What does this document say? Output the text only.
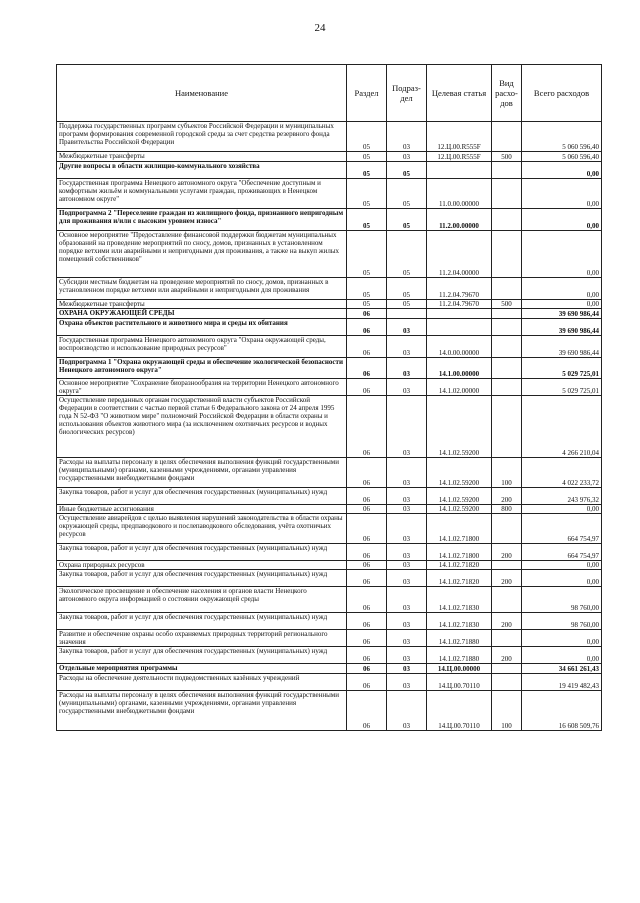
24
Наименование	Раздел	Подраз-дел	Целевая статья	Вид расхо-дов	Всего расходов
Поддержка государственных программ субъектов Российской Федерации и муниципальных программ формирования современной городской среды за счет средства резервного фонда Правительства Российской Федерации	05	03	12.Ц.00.R555F		5 060 596,40
Межбюджетные трансферты	05	03	12.Ц.00.R555F	500	5 060 596,40
Другие вопросы в области жилищно-коммунального хозяйства	05	05			0,00
Государственная программа Ненецкого автономного округа "Обеспечение доступным и комфортным жильём и коммунальными услугами граждан, проживающих в Ненецком автономном округе"	05	05	11.0.00.00000		0,00
Подпрограмма 2 "Переселение граждан из жилищного фонда, признанного непригодным для проживания и/или с высоким уровнем износа"	05	05	11.2.00.00000		0,00
Основное мероприятие "Предоставление финансовой поддержки бюджетам муниципальных образований на проведение мероприятий по сносу, домов, признанных в установленном порядке ветхими или аварийными и непригодными для проживания, а также на выкуп жилых помещений собственников"	05	05	11.2.04.00000		0,00
Субсидии местным бюджетам на проведение мероприятий по сносу, домов, признанных в установленном порядке ветхими или аварийными и непригодными для проживания	05	05	11.2.04.79670		0,00
Межбюджетные трансферты	05	05	11.2.04.79670	500	0,00
ОХРАНА ОКРУЖАЮЩЕЙ СРЕДЫ	06				39 690 986,44
Охрана объектов растительного и животного мира и среды их обитания	06	03			39 690 986,44
Государственная программа Ненецкого автономного округа "Охрана окружающей среды, воспроизводство и использование природных ресурсов"	06	03	14.0.00.00000		39 690 986,44
Подпрограмма 1 "Охрана окружающей среды и обеспечение экологической безопасности Ненецкого автономного округа"	06	03	14.1.00.00000		5 029 725,01
Основное мероприятие "Сохранение биоразнообразия на территории Ненецкого автономного округа"	06	03	14.1.02.00000		5 029 725,01
Осуществление переданных органам государственной власти субъектов Российской Федерации в соответствии с частью первой статьи 6 Федерального закона от 24 апреля 1995 года N 52-ФЗ "О животном мире" полномочий Российской Федерации в области охраны и использования объектов животного мира (за исключением охотничьих ресурсов и водных биологических ресурсов)	06	03	14.1.02.59200		4 266 210,04
Расходы на выплаты персоналу в целях обеспечения выполнения функций государственными (муниципальными) органами, казенными учреждениями, органами управления государственными внебюджетными фондами	06	03	14.1.02.59200	100	4 022 233,72
Закупка товаров, работ и услуг для обеспечения государственных (муниципальных) нужд	06	03	14.1.02.59200	200	243 976,32
Иные бюджетные ассигнования	06	03	14.1.02.59200	800	0,00
Осуществление авиарейдов с целью выявления нарушений законодательства в области охраны окружающей среды, предпаводкового и послепаводкового обследования, учёта охотничьих ресурсов	06	03	14.1.02.71800		664 754,97
Закупка товаров, работ и услуг для обеспечения государственных (муниципальных) нужд	06	03	14.1.02.71800	200	664 754,97
Охрана природных ресурсов	06	03	14.1.02.71820		0,00
Закупка товаров, работ и услуг для обеспечения государственных (муниципальных) нужд	06	03	14.1.02.71820	200	0,00
Экологическое просвещение и обеспечение населения и органов власти Ненецкого автономного округа информацией о состоянии окружающей среды	06	03	14.1.02.71830		98 760,00
Закупка товаров, работ и услуг для обеспечения государственных (муниципальных) нужд	06	03	14.1.02.71830	200	98 760,00
Развитие и обеспечение охраны особо охраняемых природных территорий регионального значения	06	03	14.1.02.71880		0,00
Закупка товаров, работ и услуг для обеспечения государственных (муниципальных) нужд	06	03	14.1.02.71880	200	0,00
Отдельные мероприятия программы	06	03	14.Ц.00.00000		34 661 261,43
Расходы на обеспечение деятельности подведомственных казённых учреждений	06	03	14.Ц.00.70110		19 419 482,43
Расходы на выплаты персоналу в целях обеспечения выполнения функций государственными (муниципальными) органами, казенными учреждениями, органами управления государственными внебюджетными фондами	06	03	14.Ц.00.70110	100	16 608 509,76
